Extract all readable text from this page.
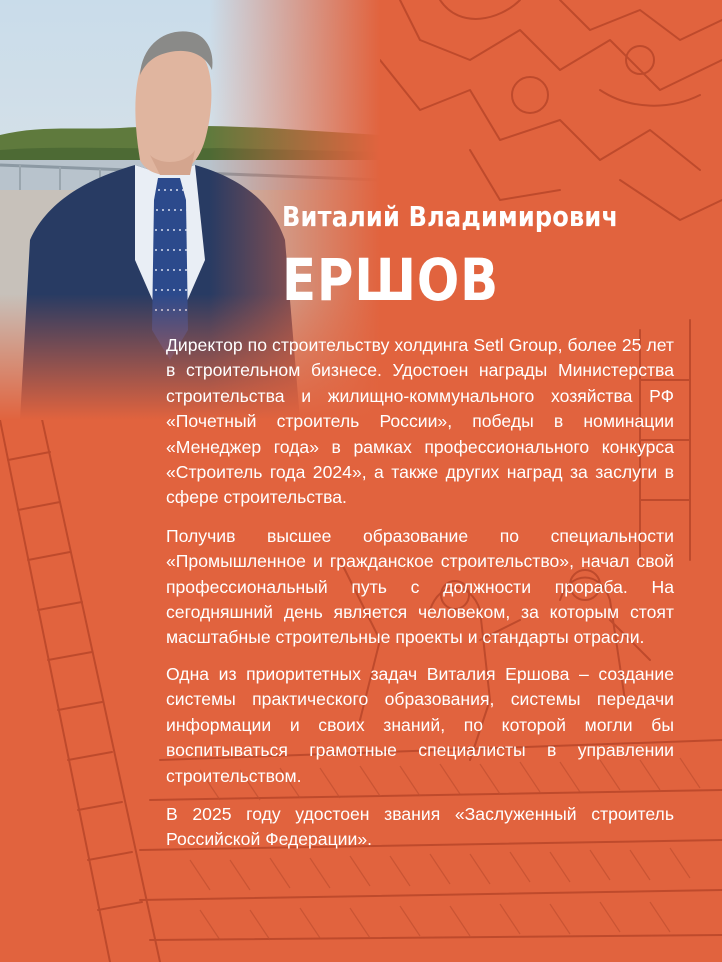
Виталий Владимирович
ЕРШОВ

Директор по строительству холдинга Setl Group, более 25 лет в строительном бизнесе. Удостоен награды Министерства строительства и жилищно-коммунального хозяйства РФ «Почетный строитель России», победы в номинации «Менеджер года» в рамках профессионального конкурса «Строитель года 2024», а также других наград за заслуги в сфере строительства.

Получив высшее образование по специальности «Промышленное и гражданское строительство», начал свой профессиональный путь с должности прораба. На сегодняшний день является человеком, за которым стоят масштабные строительные проекты и стандарты отрасли.

Одна из приоритетных задач Виталия Ершова – создание системы практического образования, системы передачи информации и своих знаний, по которой могли бы воспитываться грамотные специалисты в управлении строительством.

В 2025 году удостоен звания «Заслуженный строитель Российской Федерации».
